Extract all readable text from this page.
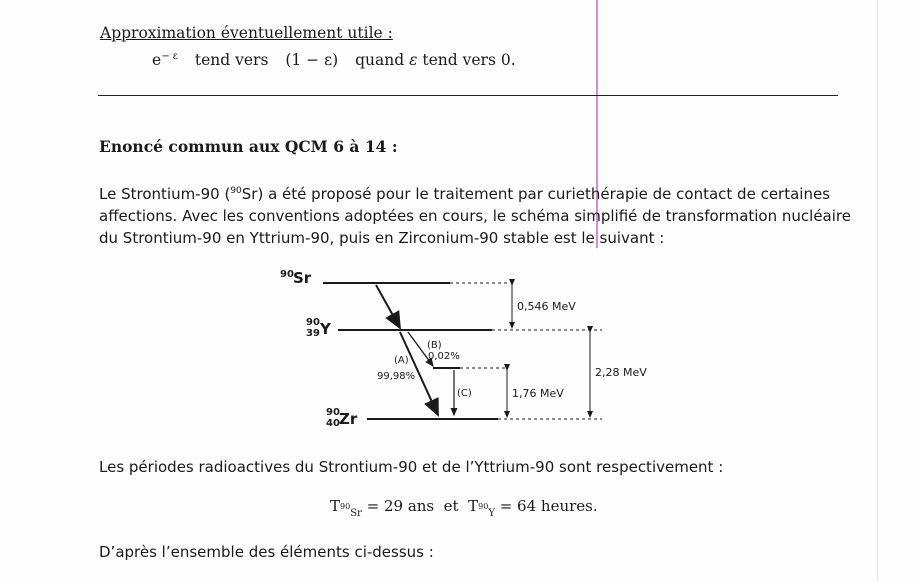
Approximation éventuellement utile :
$e^{- \varepsilon}$ tend vers (1 − ε) quand ε tend vers 0.
Enoncé commun aux QCM 6 à 14 :
Le Strontium-90 ($^{90}$Sr) a été proposé pour le traitement par curiethérapie de contact de certaines
affections. Avec les conventions adoptées en cours, le schéma simplifié de transformation nucléaire
du Strontium-90 en Yttrium-90, puis en Zirconium-90 stable est le suivant :
90 Sr
90
39 Y
90
40 Zr
(B)
0,02%
(A)
99,98%
(C)
0,546 MeV
1,76 MeV
2,28 MeV
Les périodes radioactives du Strontium-90 et de l’Yttrium-90 sont respectivement :
$T90_{Sr} = 29$ ans et $T90_Y = 64$ heures.
D’après l’ensemble des éléments ci-dessus :
